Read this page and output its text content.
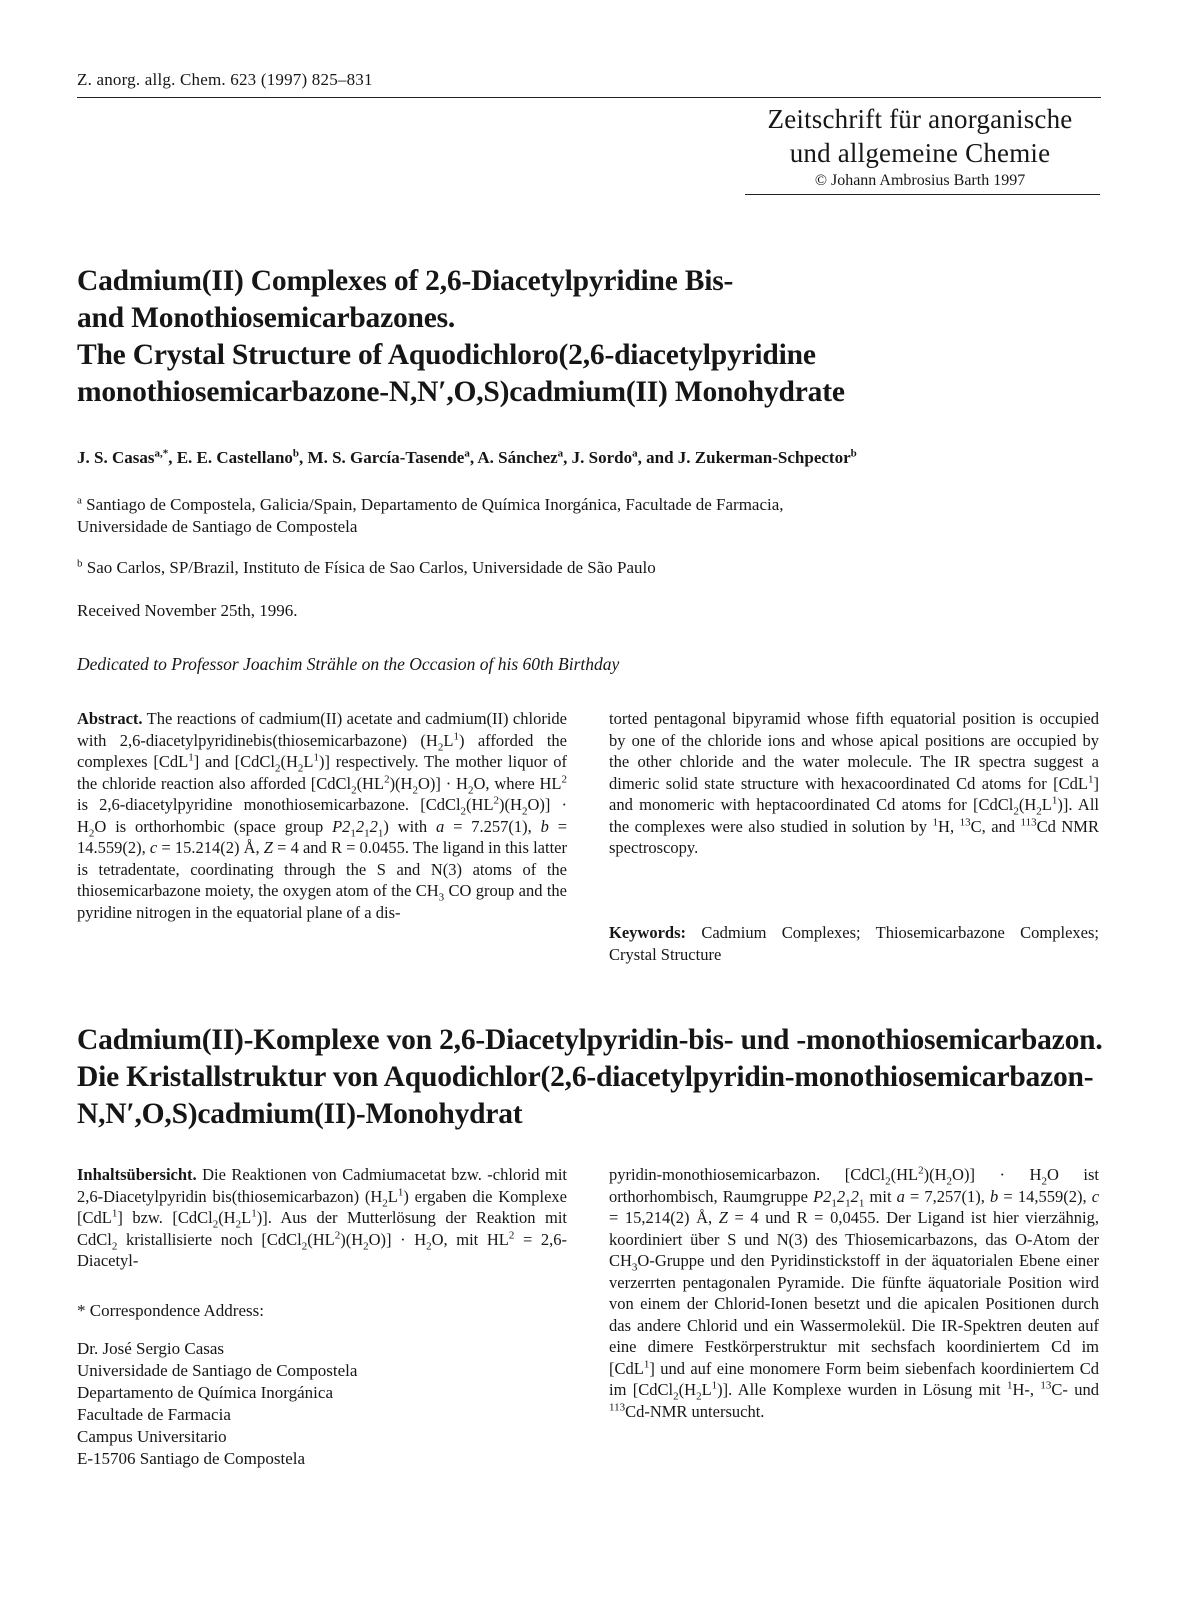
Z. anorg. allg. Chem. 623 (1997) 825–831
Zeitschrift für anorganische
und allgemeine Chemie
© Johann Ambrosius Barth 1997
Cadmium(II) Complexes of 2,6-Diacetylpyridine Bis-
and Monothiosemicarbazones.
The Crystal Structure of Aquodichloro(2,6-diacetylpyridine
monothiosemicarbazone-N,N′,O,S)cadmium(II) Monohydrate
J. S. Casas$^{a,*}$, E. E. Castellano$^b$, M. S. García-Tasende$^a$, A. Sánchez$^a$, J. Sordo$^a$, and J. Zukerman-Schpector$^b$
$^a$ Santiago de Compostela, Galicia/Spain, Departamento de Química Inorgánica, Facultade de Farmacia,
Universidade de Santiago de Compostela
$^b$ Sao Carlos, SP/Brazil, Instituto de Física de Sao Carlos, Universidade de São Paulo
Received November 25th, 1996.
Dedicated to Professor Joachim Strähle on the Occasion of his 60th Birthday
Abstract. The reactions of cadmium(II) acetate and cadmium(II) chloride with 2,6-diacetylpyridinebis(thiosemicarbazone) $(H_2L^1)$ afforded the complexes [CdL$^1$] and $[CdCl_2(H_2L^1)]$ respectively. The mother liquor of the chloride reaction also afforded $[CdCl_2(HL^2)(H_2O)] \cdot H_2O$, where $HL^2$ is 2,6-diacetylpyridine monothiosemicarbazone. $[CdCl_2(HL^2)(H_2O)] \cdot H_2O$ is orthorhombic (space group $P2_12_12_1$) with a = 7.257(1), b = 14.559(2), c = 15.214(2) Å, Z = 4 and R = 0.0455. The ligand in this latter is tetradentate, coordinating through the S and N(3) atoms of the thiosemicarbazone moiety, the oxygen atom of the $CH_3$ CO group and the pyridine nitrogen in the equatorial plane of a dis-
torted pentagonal bipyramid whose fifth equatorial position is occupied by one of the chloride ions and whose apical positions are occupied by the other chloride and the water molecule. The IR spectra suggest a dimeric solid state structure with hexacoordinated Cd atoms for [CdL$^1$] and monomeric with heptacoordinated Cd atoms for $[CdCl_2(H_2L^1)]$. All the complexes were also studied in solution by $^1$H, $^{13}$C, and $^{113}$Cd NMR spectroscopy.
Keywords: Cadmium Complexes; Thiosemicarbazone Complexes; Crystal Structure
Cadmium(II)-Komplexe von 2,6-Diacetylpyridin-bis- und -monothiosemicarbazon.
Die Kristallstruktur von Aquodichlor(2,6-diacetylpyridin-monothiosemicarbazon-
N,N′,O,S)cadmium(II)-Monohydrat
Inhaltsübersicht. Die Reaktionen von Cadmiumacetat bzw. -chlorid mit 2,6-Diacetylpyridin bis(thiosemicarbazon) $(H_2L^1)$ ergaben die Komplexe [CdL$^1$] bzw. $[CdCl_2(H_2L^1)]$. Aus der Mutterlösung der Reaktion mit CdCl$_2$ kristallisierte noch $[CdCl_2(HL^2)(H_2O)] \cdot H_2O$, mit $HL^2$ = 2,6-Diacetyl-
pyridin-monothiosemicarbazon. $[CdCl_2(HL^2)(H_2O)] \cdot H_2O$ ist orthorhombisch, Raumgruppe $P2_12_12_1$ mit a = 7,257(1), b = 14,559(2), c = 15,214(2) Å, Z = 4 und R = 0,0455. Der Ligand ist hier vierzähnig, koordiniert über S und N(3) des Thiosemicarbazons, das O-Atom der $CH_3O$-Gruppe und den Pyridinstickstoff in der äquatorialen Ebene einer verzerrten pentagonalen Pyramide. Die fünfte äquatoriale Position wird von einem der Chlorid-Ionen besetzt und die apicalen Positionen durch das andere Chlorid und ein Wassermolekül. Die IR-Spektren deuten auf eine dimere Festkörperstruktur mit sechsfach koordiniertem Cd im [CdL$^1$] und auf eine monomere Form beim siebenfach koordiniertem Cd im $[CdCl_2(H_2L^1)]$. Alle Komplexe wurden in Lösung mit $^1$H-, $^{13}$C- und $^{113}$Cd-NMR untersucht.
* Correspondence Address:
Dr. José Sergio Casas
Universidade de Santiago de Compostela
Departamento de Química Inorgánica
Facultade de Farmacia
Campus Universitario
E-15706 Santiago de Compostela
